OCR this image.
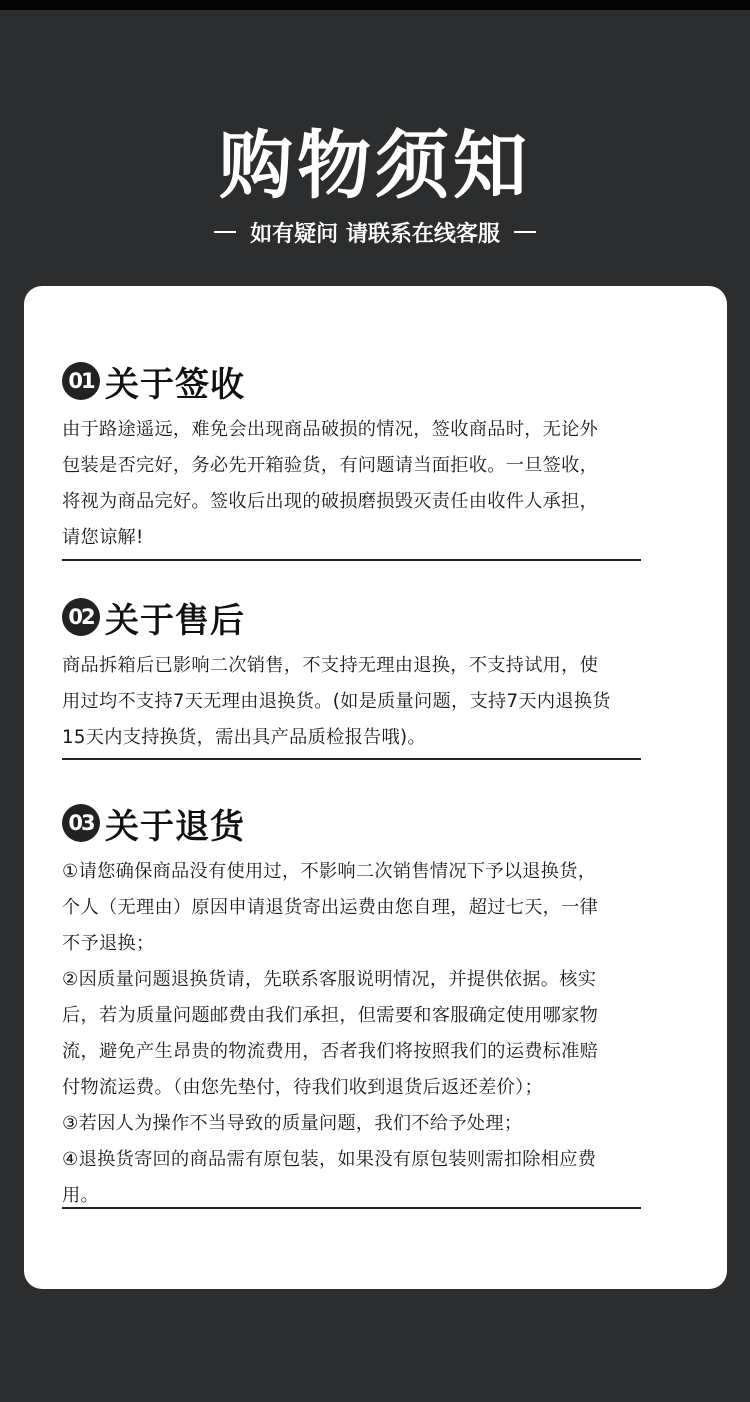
购物须知
如有疑问 请联系在线客服
01 关于签收
由于路途遥远，难免会出现商品破损的情况，签收商品时，无论外
包装是否完好，务必先开箱验货，有问题请当面拒收。一旦签收，
将视为商品完好。签收后出现的破损磨损毁灭责任由收件人承担，
请您谅解!
02 关于售后
商品拆箱后已影响二次销售，不支持无理由退换，不支持试用，使
用过均不支持7天无理由退换货。(如是质量问题，支持7天内退换货
15天内支持换货，需出具产品质检报告哦)。
03 关于退货
①请您确保商品没有使用过，不影响二次销售情况下予以退换货，
个人（无理由）原因申请退货寄出运费由您自理，超过七天，一律
不予退换；
②因质量问题退换货请，先联系客服说明情况，并提供依据。核实
后，若为质量问题邮费由我们承担，但需要和客服确定使用哪家物
流，避免产生昂贵的物流费用，否者我们将按照我们的运费标准赔
付物流运费。（由您先垫付，待我们收到退货后返还差价）；
③若因人为操作不当导致的质量问题，我们不给予处理；
④退换货寄回的商品需有原包装，如果没有原包装则需扣除相应费
用。
